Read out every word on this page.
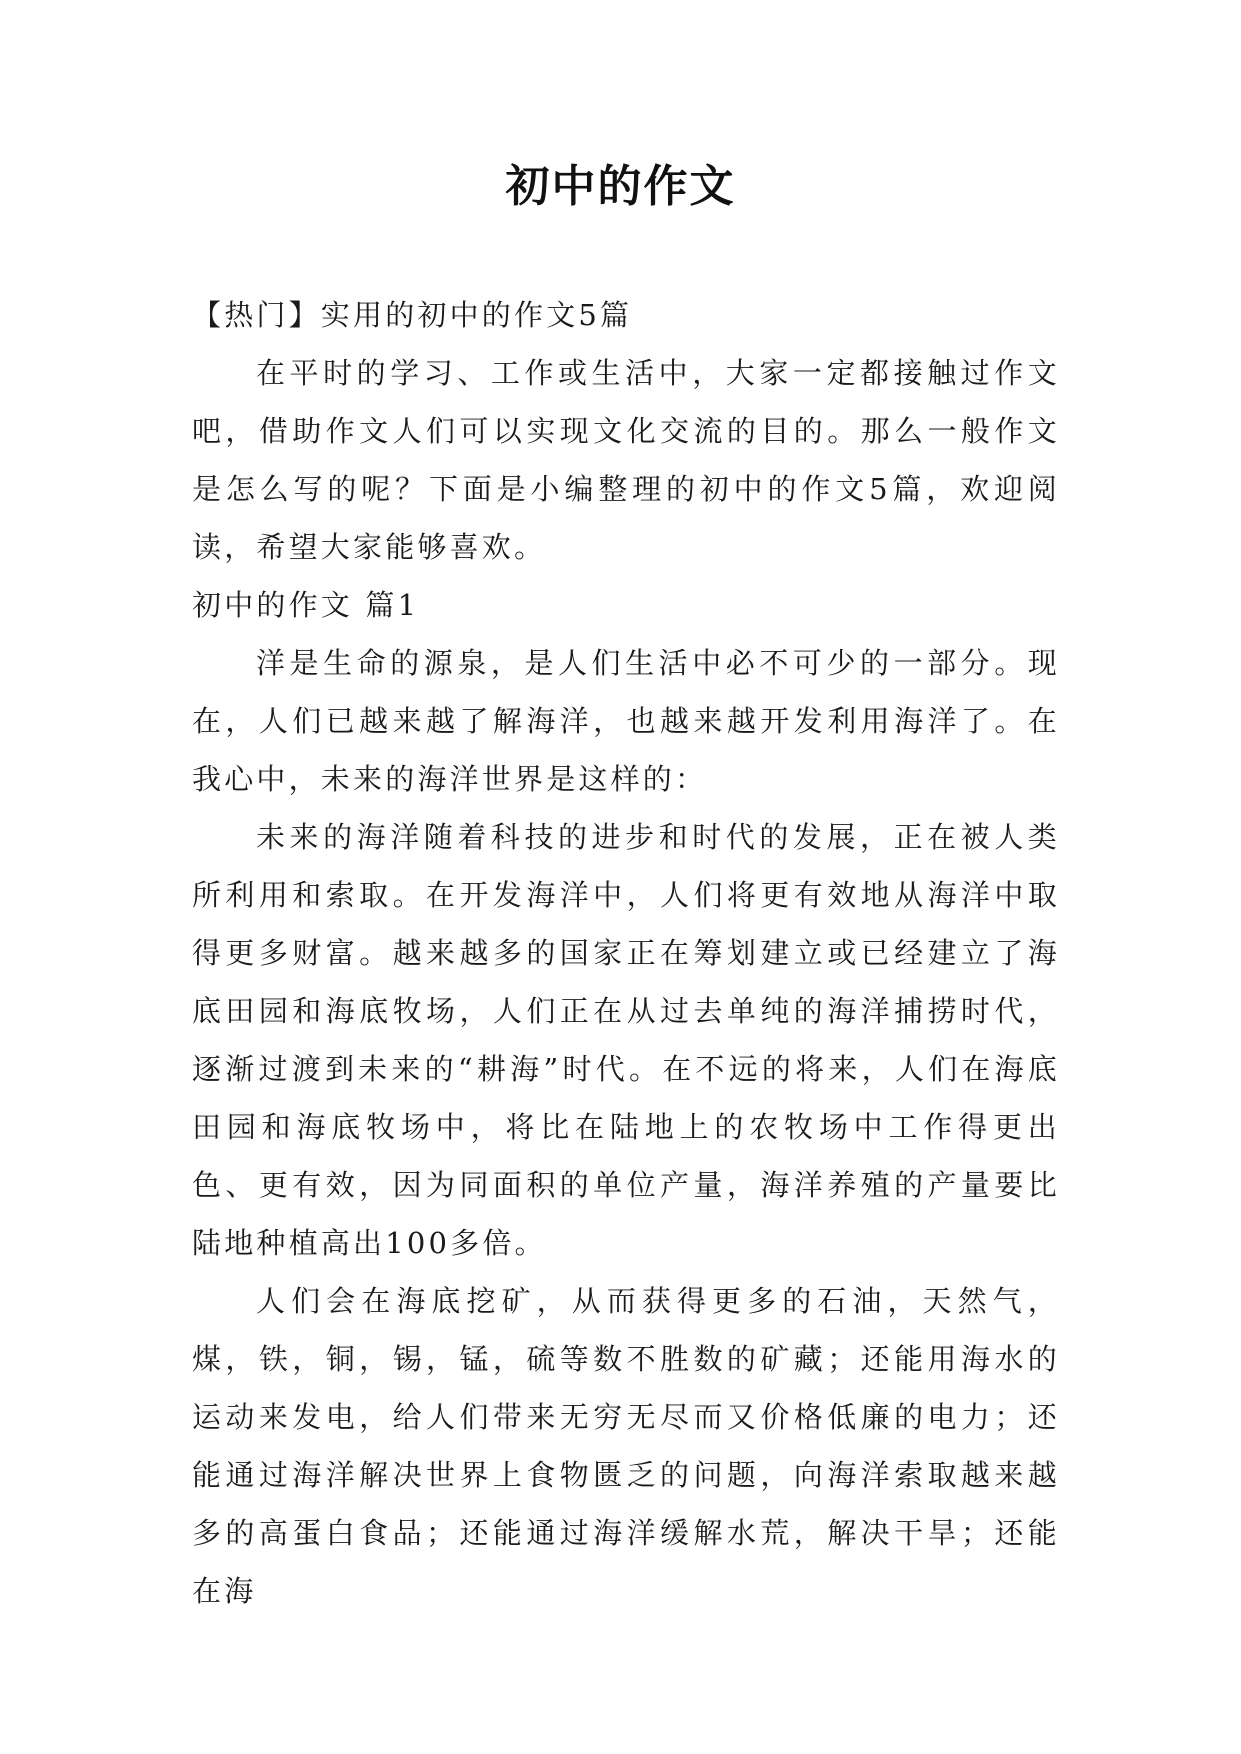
初中的作文

【热门】实用的初中的作文5篇

在平时的学习、工作或生活中，大家一定都接触过作文吧，借助作文人们可以实现文化交流的目的。那么一般作文是怎么写的呢？下面是小编整理的初中的作文5篇，欢迎阅读，希望大家能够喜欢。

初中的作文 篇1

洋是生命的源泉，是人们生活中必不可少的一部分。现在，人们已越来越了解海洋，也越来越开发利用海洋了。在我心中，未来的海洋世界是这样的：

未来的海洋随着科技的进步和时代的发展，正在被人类所利用和索取。在开发海洋中，人们将更有效地从海洋中取得更多财富。越来越多的国家正在筹划建立或已经建立了海底田园和海底牧场，人们正在从过去单纯的海洋捕捞时代，逐渐过渡到未来的“耕海”时代。在不远的将来，人们在海底田园和海底牧场中，将比在陆地上的农牧场中工作得更出色、更有效，因为同面积的单位产量，海洋养殖的产量要比陆地种植高出100多倍。

人们会在海底挖矿，从而获得更多的石油，天然气，煤，铁，铜，锡，锰，硫等数不胜数的矿藏；还能用海水的运动来发电，给人们带来无穷无尽而又价格低廉的电力；还能通过海洋解决世界上食物匮乏的问题，向海洋索取越来越多的高蛋白食品；还能通过海洋缓解水荒，解决干旱；还能在海
